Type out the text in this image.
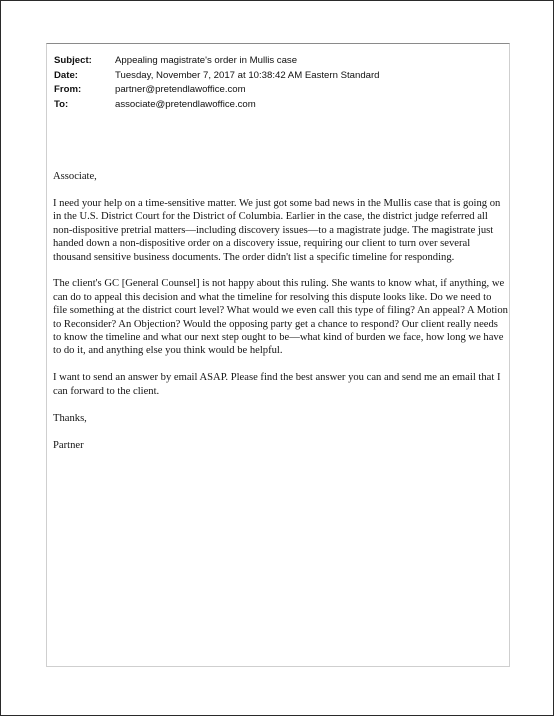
Subject:	Appealing magistrate's order in Mullis case
Date:	Tuesday, November 7, 2017 at 10:38:42 AM Eastern Standard
From:	partner@pretendlawoffice.com
To:	associate@pretendlawoffice.com

Associate,

I need your help on a time-sensitive matter. We just got some bad news in the Mullis case that is going on in the U.S. District Court for the District of Columbia. Earlier in the case, the district judge referred all non-dispositive pretrial matters—including discovery issues—to a magistrate judge. The magistrate just handed down a non-dispositive order on a discovery issue, requiring our client to turn over several thousand sensitive business documents. The order didn't list a specific timeline for responding.

The client's GC [General Counsel] is not happy about this ruling. She wants to know what, if anything, we can do to appeal this decision and what the timeline for resolving this dispute looks like. Do we need to file something at the district court level? What would we even call this type of filing? An appeal? A Motion to Reconsider? An Objection? Would the opposing party get a chance to respond? Our client really needs to know the timeline and what our next step ought to be—what kind of burden we face, how long we have to do it, and anything else you think would be helpful.

I want to send an answer by email ASAP. Please find the best answer you can and send me an email that I can forward to the client.

Thanks,

Partner
